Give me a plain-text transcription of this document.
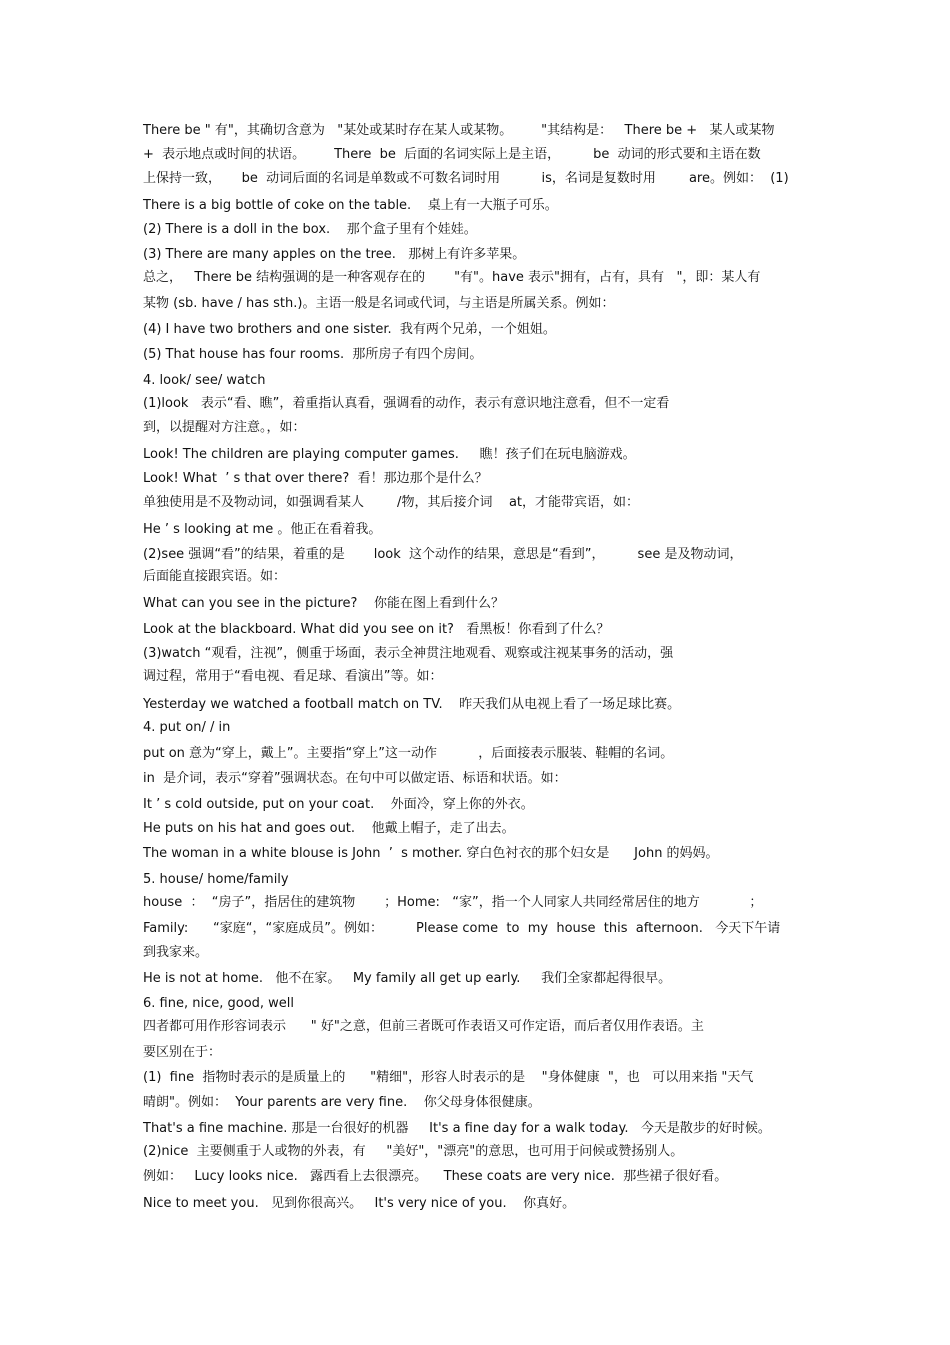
There be " 有"，其确切含意为   "某处或某时存在某人或某物。       "其结构是：   There be +   某人或某物
+  表示地点或时间的状语。       There  be  后面的名词实际上是主语，        be  动词的形式要和主语在数
上保持一致，     be  动词后面的名词是单数或不可数名词时用          is，名词是复数时用        are。例如：  (1)
There is a big bottle of coke on the table.    桌上有一大瓶子可乐。
(2) There is a doll in the box.    那个盒子里有个娃娃。
(3) There are many apples on the tree.   那树上有许多苹果。
总之，   There be 结构强调的是一种客观存在的       "有"。have 表示"拥有，占有，具有   "，即：某人有
某物 (sb. have / has sth.)。主语一般是名词或代词，与主语是所属关系。例如：
(4) I have two brothers and one sister.  我有两个兄弟，一个姐姐。
(5) That house has four rooms.  那所房子有四个房间。
4. look/ see/ watch
(1)look   表示“看、瞧”，着重指认真看，强调看的动作，表示有意识地注意看，但不一定看
到，以提醒对方注意。，如：
Look! The children are playing computer games.     瞧！孩子们在玩电脑游戏。
Look! What  ’ s that over there?  看！那边那个是什么？
单独使用是不及物动词，如强调看某人        /物，其后接介词    at，才能带宾语，如：
He ’ s looking at me 。他正在看着我。
(2)see 强调“看”的结果，着重的是       look  这个动作的结果，意思是“看到”，        see 是及物动词，
后面能直接跟宾语。如：
What can you see in the picture?    你能在图上看到什么？
Look at the blackboard. What did you see on it?   看黑板！你看到了什么？
(3)watch “观看，注视”，侧重于场面，表示全神贯注地观看、观察或注视某事务的活动，强
调过程，常用于“看电视、看足球、看演出”等。如：
Yesterday we watched a football match on TV.    昨天我们从电视上看了一场足球比赛。
4. put on/ / in
put on 意为“穿上，戴上”。主要指“穿上”这一动作          ，后面接表示服装、鞋帽的名词。
in  是介词，表示“穿着”强调状态。在句中可以做定语、标语和状语。如：
It ’ s cold outside, put on your coat.    外面冷，穿上你的外衣。
He puts on his hat and goes out.    他戴上帽子，走了出去。
The woman in a white blouse is John  ’  s mother. 穿白色衬衣的那个妇女是      John 的妈妈。
5. house/ home/family
house  ：  “房子”，指居住的建筑物       ；Home:   “家”，指一个人同家人共同经常居住的地方            ；
Family:      “家庭“，“家庭成员”。例如：        Please come  to  my  house  this  afternoon.   今天下午请
到我家来。
He is not at home.   他不在家。   My family all get up early.     我们全家都起得很早。
6. fine, nice, good, well
四者都可用作形容词表示      " 好"之意，但前三者既可作表语又可作定语，而后者仅用作表语。主
要区别在于：
(1)  fine  指物时表示的是质量上的      "精细"，形容人时表示的是    "身体健康  "，也   可以用来指 "天气
晴朗"。例如：  Your parents are very fine.    你父母身体很健康。
That's a fine machine. 那是一台很好的机器     It's a fine day for a walk today.   今天是散步的好时候。
(2)nice  主要侧重于人或物的外表，有     "美好"，"漂亮"的意思，也可用于问候或赞扬别人。
例如：   Lucy looks nice.   露西看上去很漂亮。    These coats are very nice.  那些裙子很好看。
Nice to meet you.   见到你很高兴。   It's very nice of you.    你真好。
